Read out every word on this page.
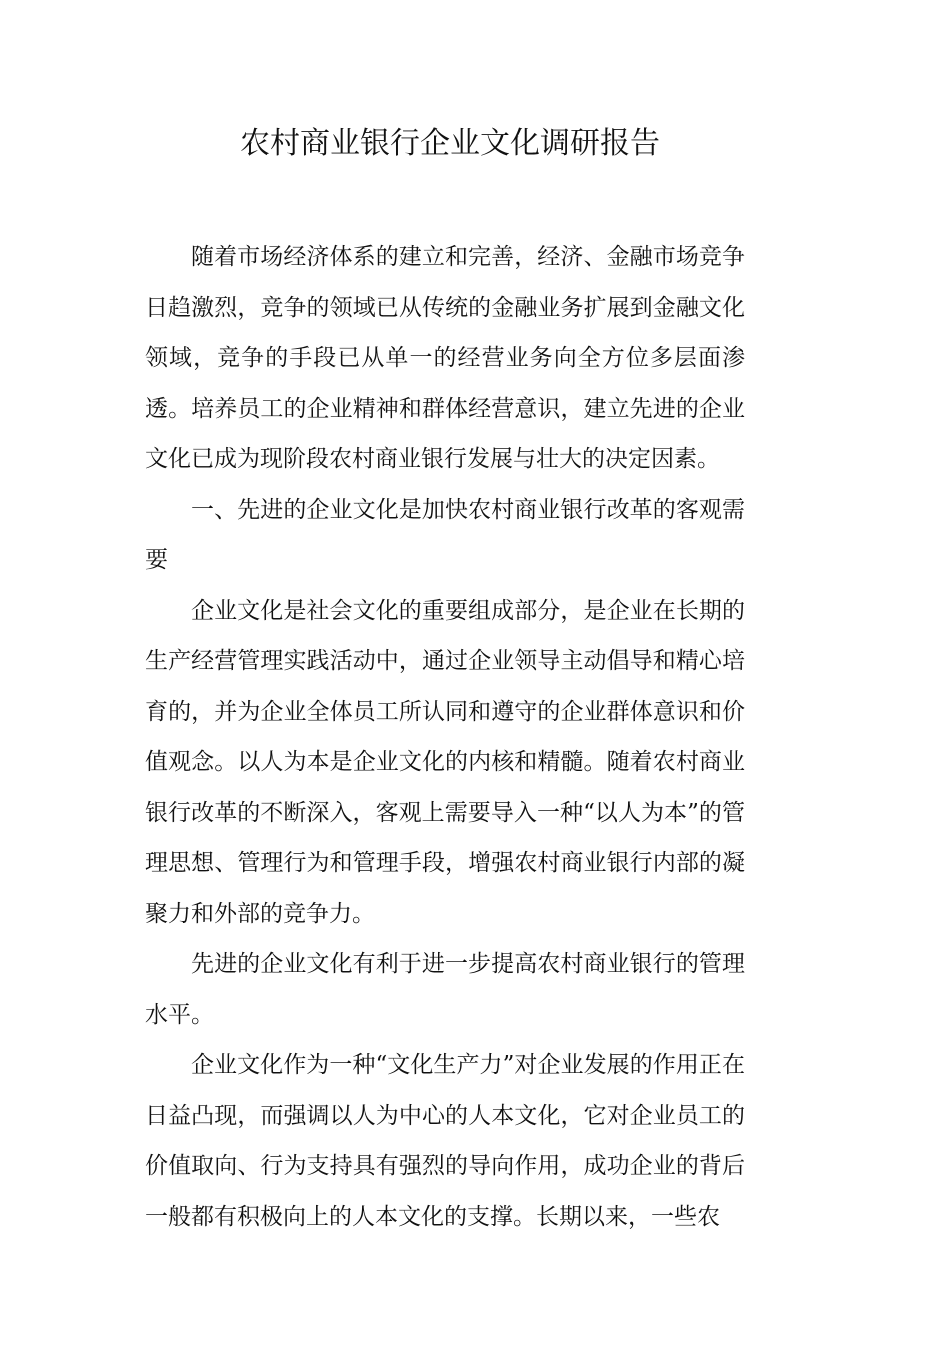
农村商业银行企业文化调研报告

随着市场经济体系的建立和完善，经济、金融市场竞争日趋激烈，竞争的领域已从传统的金融业务扩展到金融文化领域，竞争的手段已从单一的经营业务向全方位多层面渗透。培养员工的企业精神和群体经营意识，建立先进的企业文化已成为现阶段农村商业银行发展与壮大的决定因素。

一、先进的企业文化是加快农村商业银行改革的客观需要

企业文化是社会文化的重要组成部分，是企业在长期的生产经营管理实践活动中，通过企业领导主动倡导和精心培育的，并为企业全体员工所认同和遵守的企业群体意识和价值观念。以人为本是企业文化的内核和精髓。随着农村商业银行改革的不断深入，客观上需要导入一种“以人为本”的管理思想、管理行为和管理手段，增强农村商业银行内部的凝聚力和外部的竞争力。

先进的企业文化有利于进一步提高农村商业银行的管理水平。

企业文化作为一种“文化生产力”对企业发展的作用正在日益凸现，而强调以人为中心的人本文化，它对企业员工的价值取向、行为支持具有强烈的导向作用，成功企业的背后一般都有积极向上的人本文化的支撑。长期以来，一些农
